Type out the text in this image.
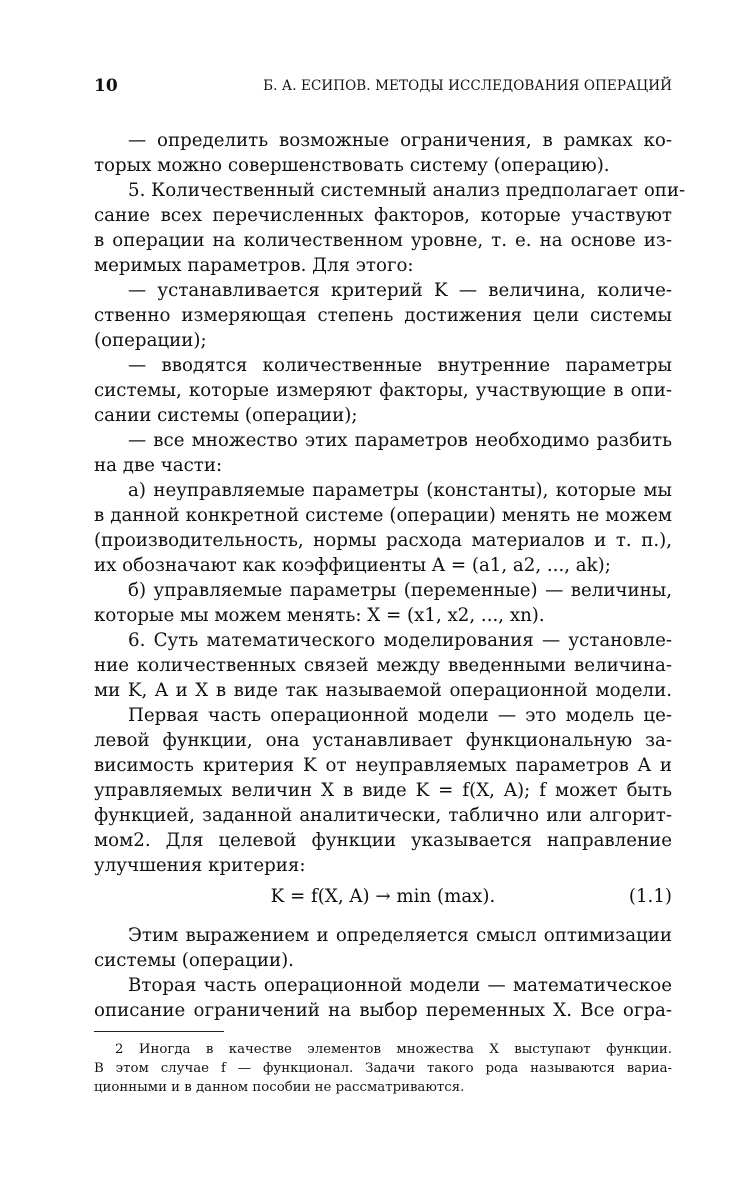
10	Б. А. ЕСИПОВ. МЕТОДЫ ИССЛЕДОВАНИЯ ОПЕРАЦИЙ
— определить возможные ограничения, в рамках ко-
торых можно совершенствовать систему (операцию).
5. Количественный системный анализ предполагает опи-
сание всех перечисленных факторов, которые участвуют
в операции на количественном уровне, т. е. на основе из-
меримых параметров. Для этого:
— устанавливается критерий K — величина, количе-
ственно измеряющая степень достижения цели системы
(операции);
— вводятся количественные внутренние параметры
системы, которые измеряют факторы, участвующие в опи-
сании системы (операции);
— все множество этих параметров необходимо разбить
на две части:
а) неуправляемые параметры (константы), которые мы
в данной конкретной системе (операции) менять не можем
(производительность, нормы расхода материалов и т. п.),
их обозначают как коэффициенты A = (a1, a2, ..., ak);
б) управляемые параметры (переменные) — величины,
которые мы можем менять: X = (x1, x2, ..., xn).
6. Суть математического моделирования — установле-
ние количественных связей между введенными величина-
ми K, A и X в виде так называемой операционной модели.
Первая часть операционной модели — это модель це-
левой функции, она устанавливает функциональную за-
висимость критерия K от неуправляемых параметров A и
управляемых величин X в виде K = f(X, A); f может быть
функцией, заданной аналитически, таблично или алгорит-
мом2. Для целевой функции указывается направление
улучшения критерия:
K = f(X, A) → min (max).	(1.1)
Этим выражением и определяется смысл оптимизации
системы (операции).
Вторая часть операционной модели — математическое
описание ограничений на выбор переменных X. Все огра-
2 Иногда в качестве элементов множества X выступают функции.
В этом случае f — функционал. Задачи такого рода называются вариа-
ционными и в данном пособии не рассматриваются.
